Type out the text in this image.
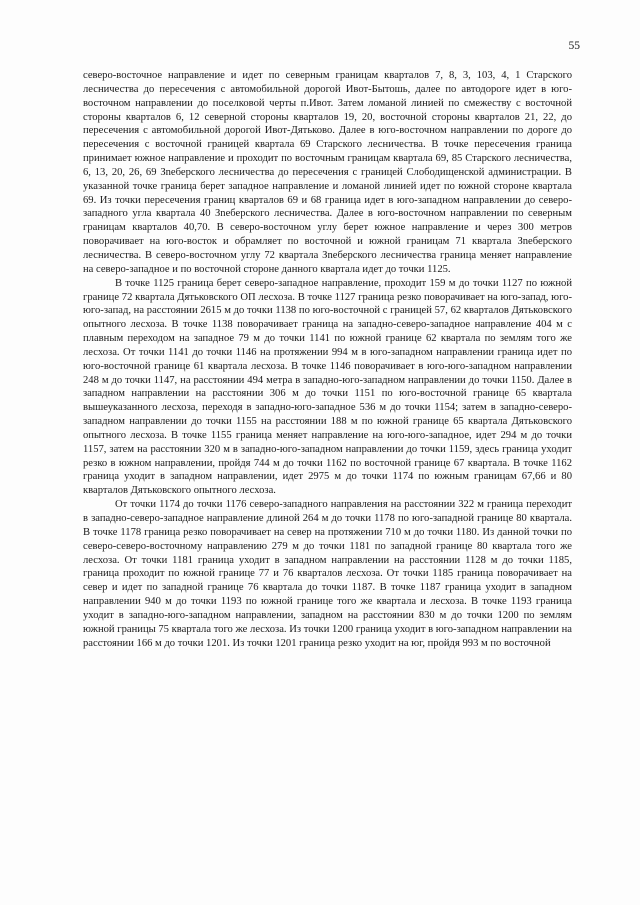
55

северо-восточное направление и идет по северным границам кварталов 7, 8, 3, 103, 4, 1 Старского лесничества до пересечения с автомобильной дорогой Ивот-Бытошь, далее по автодороге идет в юго-восточном направлении до поселковой черты п.Ивот. Затем ломаной линией по смежеству с восточной стороны кварталов 6, 12 северной стороны кварталов 19, 20, восточной стороны кварталов 21, 22, до пересечения с автомобильной дорогой Ивот-Дятьково. Далее в юго-восточном направлении по дороге до пересечения с восточной границей квартала 69 Старского лесничества. В точке пересечения граница принимает южное направление и проходит по восточным границам квартала 69, 85 Старского лесничества, 6, 13, 20, 26, 69 Зneберского лесничества до пересечения с границей Слободищенской администрации. В указанной точке граница берет западное направление и ломаной линией идет по южной стороне квартала 69. Из точки пересечения границ кварталов 69 и 68 граница идет в юго-западном направлении до северо- западного угла квартала 40 Зneберского лесничества. Далее в юго-восточном направлении по северным границам кварталов 40,70. В северо-восточном углу берет южное направление и через 300 метров поворачивает на юго-восток и обрамляет по восточной и южной границам 71 квартала Зneберского лесничества. В северо-восточном углу 72 квартала Зneберского лесничества граница меняет направление на северо-западное и по восточной стороне данного квартала идет до точки 1125.

В точке 1125 граница берет северо-западное направление, проходит 159 м до точки 1127 по южной границе 72 квартала Дятьковского ОП лесхоза. В точке 1127 граница резко поворачивает на юго-запад, юго-юго-запад, на расстоянии 2615 м до точки 1138 по юго-восточной с границей 57, 62 кварталов Дятьковского опытного лесхоза. В точке 1138 поворачивает граница на западно-северо-западное направление 404 м с плавным переходом на западное 79 м до точки 1141 по южной границе 62 квартала по землям того же лесхоза. От точки 1141 до точки 1146 на протяжении 994 м в юго-западном направлении граница идет по юго-восточной границе 61 квартала лесхоза. В точке 1146 поворачивает в юго-юго-западном направлении 248 м до точки 1147, на расстоянии 494 метра в западно-юго-западном направлении до точки 1150. Далее в западном направлении на расстоянии 306 м до точки 1151 по юго-восточной границе 65 квартала вышеуказанного лесхоза, переходя в западно-юго-западное 536 м до точки 1154; затем в западно-северо-западном направлении до точки 1155 на расстоянии 188 м по южной границе 65 квартала Дятьковского опытного лесхоза. В точке 1155 граница меняет направление на юго-юго-западное, идет 294 м до точки 1157, затем на расстоянии 320 м в западно-юго-западном направлении до точки 1159, здесь граница уходит резко в южном направлении, пройдя 744 м до точки 1162 по восточной границе 67 квартала. В точке 1162 граница уходит в западном направлении, идет 2975 м до точки 1174 по южным границам 67,66 и 80 кварталов Дятьковского опытного лесхоза.

От точки 1174 до точки 1176 северо-западного направления на расстоянии 322 м граница переходит в западно-северо-западное направление длиной 264 м до точки 1178 по юго-западной границе 80 квартала. В точке 1178 граница резко поворачивает на север на протяжении 710 м до точки 1180. Из данной точки по северо-северо-восточному направлению 279 м до точки 1181 по западной границе 80 квартала того же лесхоза. От точки 1181 граница уходит в западном направлении на расстоянии 1128 м до точки 1185, граница проходит по южной границе 77 и 76 кварталов лесхоза. От точки 1185 граница поворачивает на север и идет по западной границе 76 квартала до точки 1187. В точке 1187 граница уходит в западном направлении 940 м до точки 1193 по южной границе того же квартала и лесхоза. В точке 1193 граница уходит в западно-юго-западном направлении, западном на расстоянии 830 м до точки 1200 по землям южной границы 75 квартала того же лесхоза. Из точки 1200 граница уходит в юго-западном направлении на расстоянии 166 м до точки 1201. Из точки 1201 граница резко уходит на юг, пройдя 993 м по восточной
